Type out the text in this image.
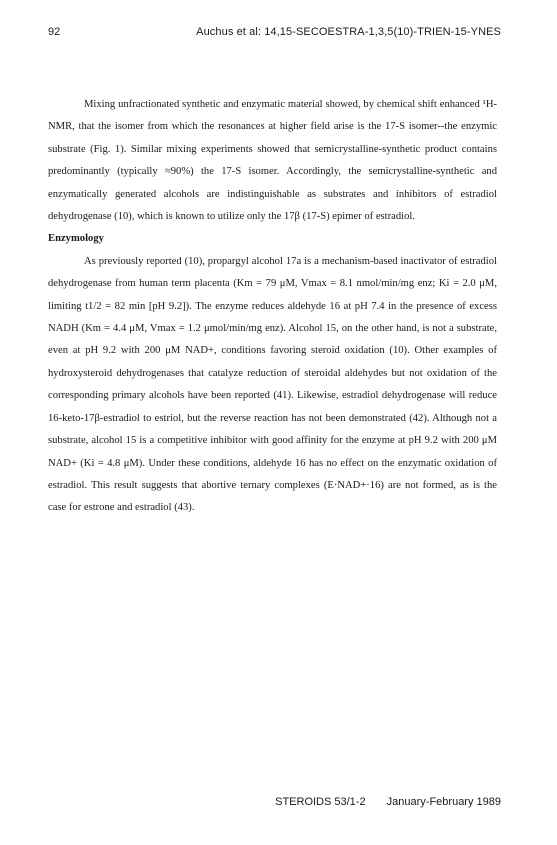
92	Auchus et al: 14,15-SECOESTRA-1,3,5(10)-TRIEN-15-YNES

Mixing unfractionated synthetic and enzymatic material showed, by chemical shift enhanced ¹H-NMR, that the isomer from which the resonances at higher field arise is the 17-S isomer--the enzymic substrate (Fig. 1). Similar mixing experiments showed that semicrystalline-synthetic product contains predominantly (typically ≈90%) the 17-S isomer. Accordingly, the semicrystalline-synthetic and enzymatically generated alcohols are indistinguishable as substrates and inhibitors of estradiol dehydrogenase (10), which is known to utilize only the 17β (17-S) epimer of estradiol.

Enzymology

As previously reported (10), propargyl alcohol 17a is a mechanism-based inactivator of estradiol dehydrogenase from human term placenta (Km = 79 μM, Vmax = 8.1 nmol/min/mg enz; Ki = 2.0 μM, limiting t1/2 = 82 min [pH 9.2]). The enzyme reduces aldehyde 16 at pH 7.4 in the presence of excess NADH (Km = 4.4 μM, Vmax = 1.2 μmol/min/mg enz). Alcohol 15, on the other hand, is not a substrate, even at pH 9.2 with 200 μM NAD+, conditions favoring steroid oxidation (10). Other examples of hydroxysteroid dehydrogenases that catalyze reduction of steroidal aldehydes but not oxidation of the corresponding primary alcohols have been reported (41). Likewise, estradiol dehydrogenase will reduce 16-keto-17β-estradiol to estriol, but the reverse reaction has not been demonstrated (42). Although not a substrate, alcohol 15 is a competitive inhibitor with good affinity for the enzyme at pH 9.2 with 200 μM NAD+ (Ki = 4.8 μM). Under these conditions, aldehyde 16 has no effect on the enzymatic oxidation of estradiol. This result suggests that abortive ternary complexes (E·NAD+·16) are not formed, as is the case for estrone and estradiol (43).

STEROIDS 53/1-2 January-February 1989
